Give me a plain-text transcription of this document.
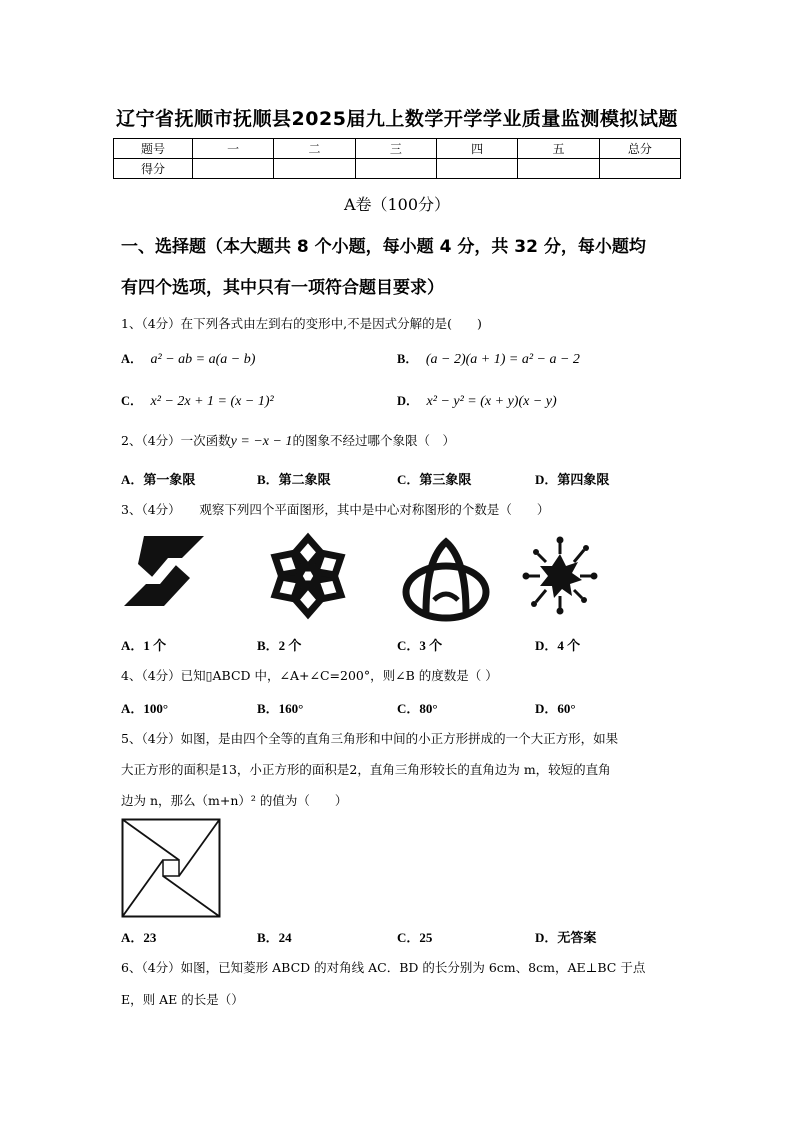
辽宁省抚顺市抚顺县2025届九上数学开学学业质量监测模拟试题
题号	一	二	三	四	五	总分
得分						
A卷（100分）
一、选择题（本大题共 8 个小题，每小题 4 分，共 32 分，每小题均
有四个选项，其中只有一项符合题目要求）
1、（4分）在下列各式由左到右的变形中,不是因式分解的是(　　)
A． a² − ab = a(a − b)	B． (a − 2)(a + 1) = a² − a − 2
C． x² − 2x + 1 = (x − 1)²	D． x² − y² = (x + y)(x − y)
2、（4分）一次函数y = −x − 1的图象不经过哪个象限（　）
A．第一象限	B．第二象限	C．第三象限	D．第四象限
3、（4分）　　观察下列四个平面图形，其中是中心对称图形的个数是（　　）
A．1 个	B．2 个	C．3 个	D．4 个
4、（4分）已知▯ABCD 中，∠A+∠C=200°，则∠B 的度数是（ ）
A．100°	B．160°	C．80°	D．60°
5、（4分）如图，是由四个全等的直角三角形和中间的小正方形拼成的一个大正方形，如果
大正方形的面积是13，小正方形的面积是2，直角三角形较长的直角边为 m，较短的直角
边为 n，那么（m+n）² 的值为（　　）
A．23	B．24	C．25	D．无答案
6、（4分）如图，已知菱形 ABCD 的对角线 AC．BD 的长分别为 6cm、8cm，AE⊥BC 于点
E，则 AE 的长是（）
